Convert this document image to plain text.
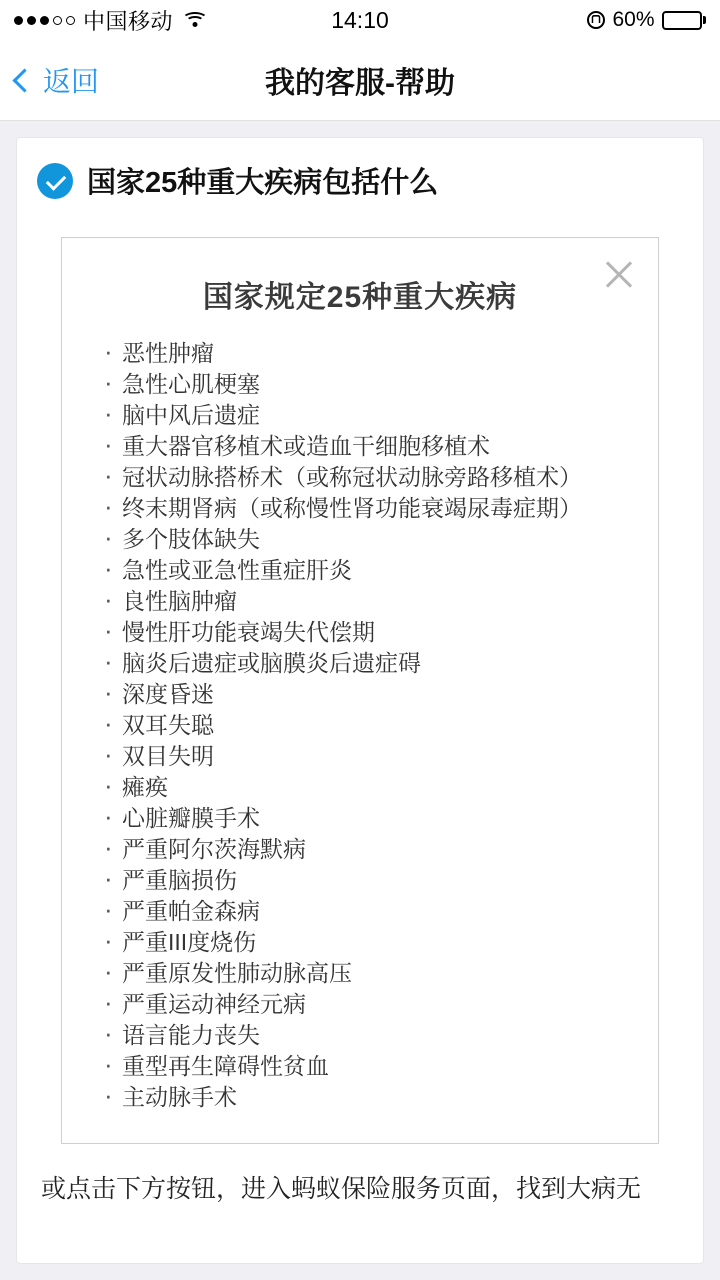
中国移动	14:10	60%
返回	我的客服-帮助
国家25种重大疾病包括什么
国家规定25种重大疾病
· 恶性肿瘤
· 急性心肌梗塞
· 脑中风后遗症
· 重大器官移植术或造血干细胞移植术
· 冠状动脉搭桥术（或称冠状动脉旁路移植术）
· 终末期肾病（或称慢性肾功能衰竭尿毒症期）
· 多个肢体缺失
· 急性或亚急性重症肝炎
· 良性脑肿瘤
· 慢性肝功能衰竭失代偿期
· 脑炎后遗症或脑膜炎后遗症碍
· 深度昏迷
· 双耳失聪
· 双目失明
· 瘫痪
· 心脏瓣膜手术
· 严重阿尔茨海默病
· 严重脑损伤
· 严重帕金森病
· 严重III度烧伤
· 严重原发性肺动脉高压
· 严重运动神经元病
· 语言能力丧失
· 重型再生障碍性贫血
· 主动脉手术
或点击下方按钮，进入蚂蚁保险服务页面，找到大病无
